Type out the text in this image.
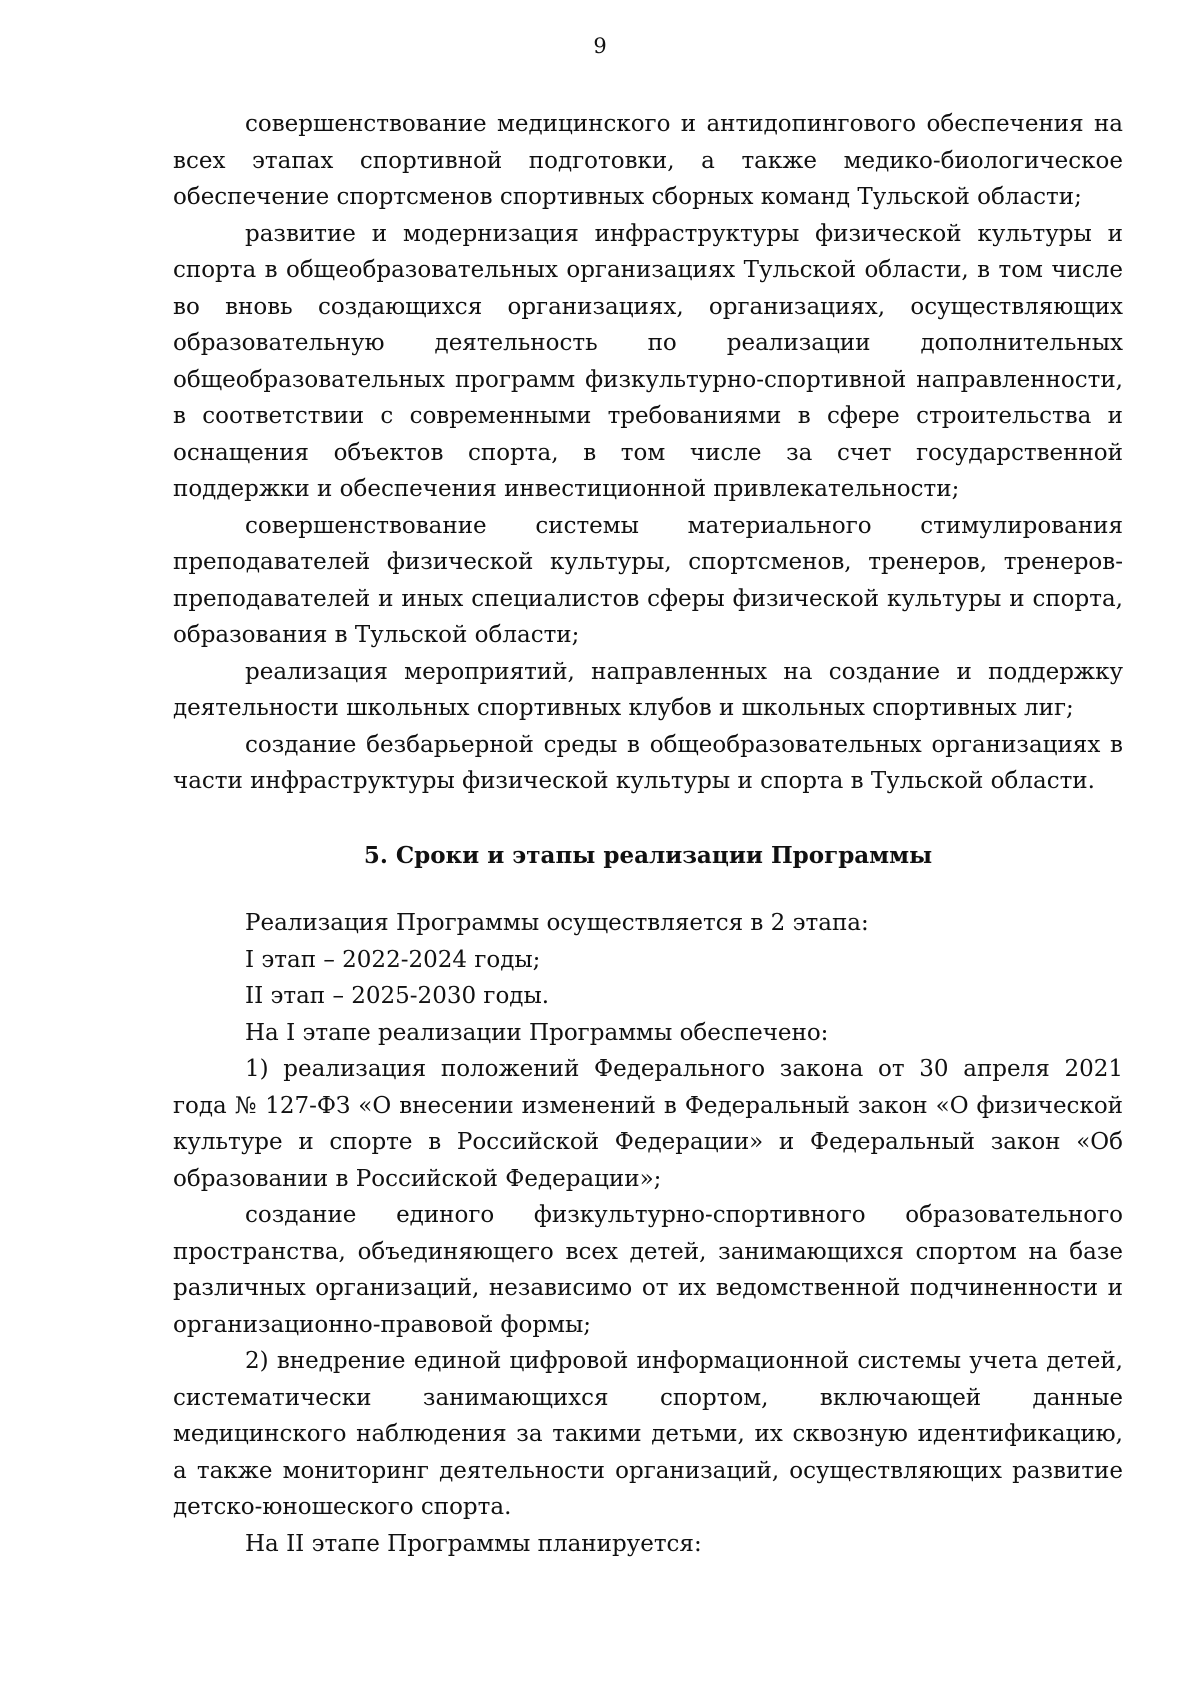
9

совершенствование медицинского и антидопингового обеспечения на всех этапах спортивной подготовки, а также медико-биологическое обеспечение спортсменов спортивных сборных команд Тульской области;

развитие и модернизация инфраструктуры физической культуры и спорта в общеобразовательных организациях Тульской области, в том числе во вновь создающихся организациях, организациях, осуществляющих образовательную деятельность по реализации дополнительных общеобразовательных программ физкультурно-спортивной направленности, в соответствии с современными требованиями в сфере строительства и оснащения объектов спорта, в том числе за счет государственной поддержки и обеспечения инвестиционной привлекательности;

совершенствование системы материального стимулирования преподавателей физической культуры, спортсменов, тренеров, тренеров-преподавателей и иных специалистов сферы физической культуры и спорта, образования в Тульской области;

реализация мероприятий, направленных на создание и поддержку деятельности школьных спортивных клубов и школьных спортивных лиг;

создание безбарьерной среды в общеобразовательных организациях в части инфраструктуры физической культуры и спорта в Тульской области.

5. Сроки и этапы реализации Программы

Реализация Программы осуществляется в 2 этапа:

I этап – 2022-2024 годы;

II этап – 2025-2030 годы.

На I этапе реализации Программы обеспечено:

1) реализация положений Федерального закона от 30 апреля 2021 года № 127-ФЗ «О внесении изменений в Федеральный закон «О физической культуре и спорте в Российской Федерации» и Федеральный закон «Об образовании в Российской Федерации»;

создание единого физкультурно-спортивного образовательного пространства, объединяющего всех детей, занимающихся спортом на базе различных организаций, независимо от их ведомственной подчиненности и организационно-правовой формы;

2) внедрение единой цифровой информационной системы учета детей, систематически занимающихся спортом, включающей данные медицинского наблюдения за такими детьми, их сквозную идентификацию, а также мониторинг деятельности организаций, осуществляющих развитие детско-юношеского спорта.

На II этапе Программы планируется:
